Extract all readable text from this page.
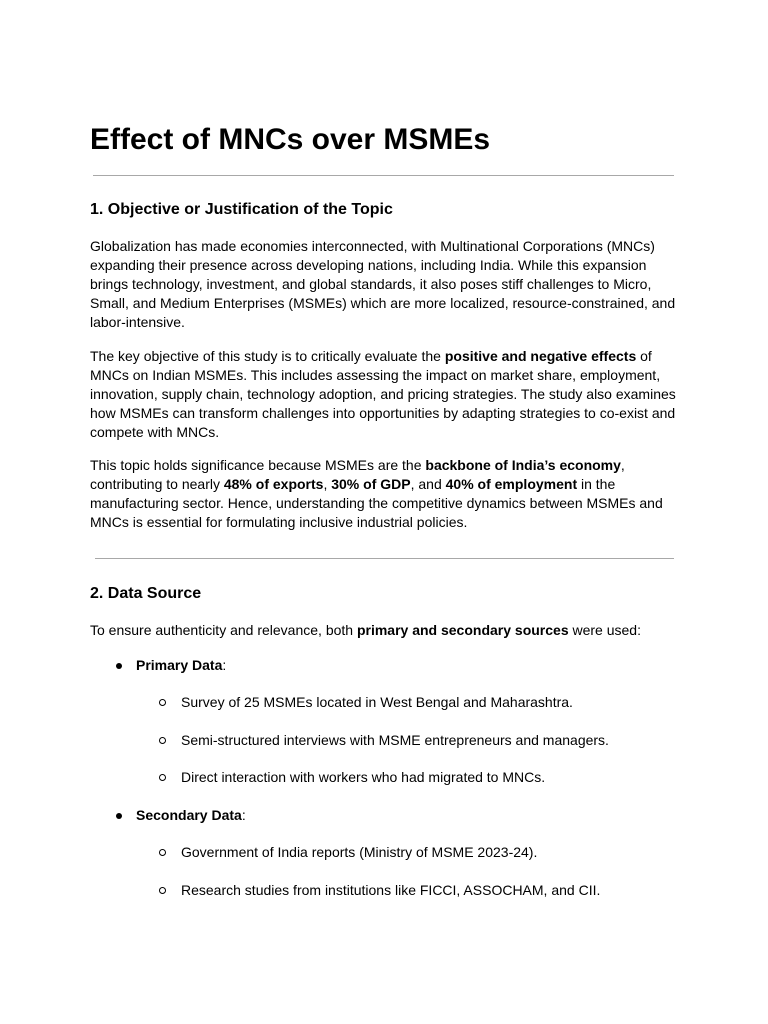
Effect of MNCs over MSMEs
1. Objective or Justification of the Topic

Globalization has made economies interconnected, with Multinational Corporations (MNCs) expanding their presence across developing nations, including India. While this expansion brings technology, investment, and global standards, it also poses stiff challenges to Micro, Small, and Medium Enterprises (MSMEs) which are more localized, resource-constrained, and labor-intensive.

The key objective of this study is to critically evaluate the positive and negative effects of MNCs on Indian MSMEs. This includes assessing the impact on market share, employment, innovation, supply chain, technology adoption, and pricing strategies. The study also examines how MSMEs can transform challenges into opportunities by adapting strategies to co-exist and compete with MNCs.

This topic holds significance because MSMEs are the backbone of India’s economy, contributing to nearly 48% of exports, 30% of GDP, and 40% of employment in the manufacturing sector. Hence, understanding the competitive dynamics between MSMEs and MNCs is essential for formulating inclusive industrial policies.

2. Data Source

To ensure authenticity and relevance, both primary and secondary sources were used:

Primary Data:
Survey of 25 MSMEs located in West Bengal and Maharashtra.
Semi-structured interviews with MSME entrepreneurs and managers.
Direct interaction with workers who had migrated to MNCs.
Secondary Data:
Government of India reports (Ministry of MSME 2023-24).
Research studies from institutions like FICCI, ASSOCHAM, and CII.
